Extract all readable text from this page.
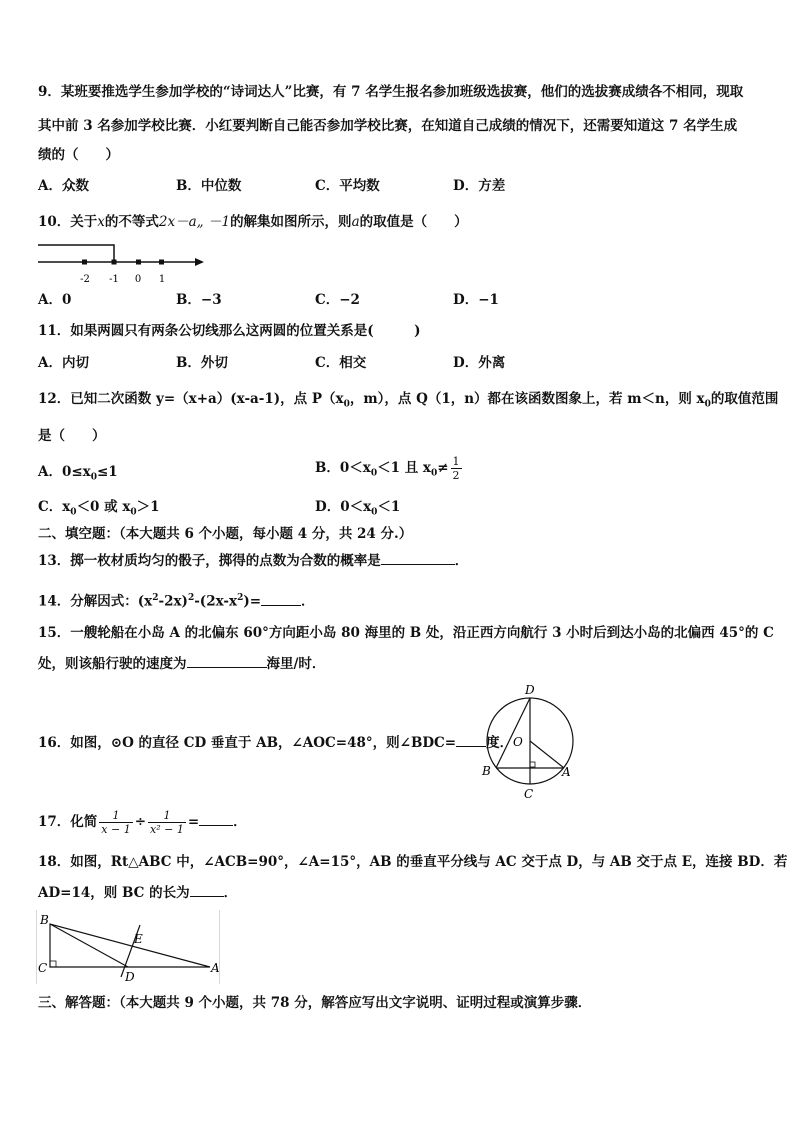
9．某班要推选学生参加学校的“诗词达人”比赛，有 7 名学生报名参加班级选拔赛，他们的选拔赛成绩各不相同，现取
其中前 3 名参加学校比赛．小红要判断自己能否参加学校比赛，在知道自己成绩的情况下，还需要知道这 7 名学生成
绩的（　　）
A．众数	B．中位数	C．平均数	D．方差
10．关于x的不等式2x－a„ －1的解集如图所示，则a的取值是（　　）
-2 -1 0 1
A．0	B．−3	C．−2	D．−1
11．如果两圆只有两条公切线那么这两圆的位置关系是(　　　)
A．内切	B．外切	C．相交	D．外离
12．已知二次函数 y=（x+a）(x-a-1)，点 $P(x_0$，m），点 Q（1，n）都在该函数图象上，若 m＜n，则 $x_0$的取值范围
是（　　）
A．$0\le x_0\le 1$	B．$0<x_0<1$ 且 $x_0\ne \frac{1}{2}$
C．$x_0<0$ 或 $x_0>1$	D．$0<x_0<1$
二、填空题：（本大题共 6 个小题，每小题 4 分，共 24 分.）
13．掷一枚材质均匀的骰子，掷得的点数为合数的概率是	．
14．分解因式：$(x^2-2x)^2-(2x-x^2)=$	．
15．一艘轮船在小岛 A 的北偏东 60°方向距小岛 80 海里的 B 处，沿正西方向航行 3 小时后到达小岛的北偏西 45°的 C
处，则该船行驶的速度为	海里/时．
16．如图，⊙O 的直径 CD 垂直于 AB，∠AOC=48°，则∠BDC= 度．
D
O
B	A
C
17．化简 $\frac{1}{x - 1} \div \frac{1}{\text{x² − 1}}$ =	．
18．如图，Rt△ABC 中，∠ACB=90°，∠A=15°，AB 的垂直平分线与 AC 交于点 D，与 AB 交于点 E，连接 BD．若
AD=14，则 BC 的长为	．
B
E
C
D
A
三、解答题：（本大题共 9 个小题，共 78 分，解答应写出文字说明、证明过程或演算步骤．
